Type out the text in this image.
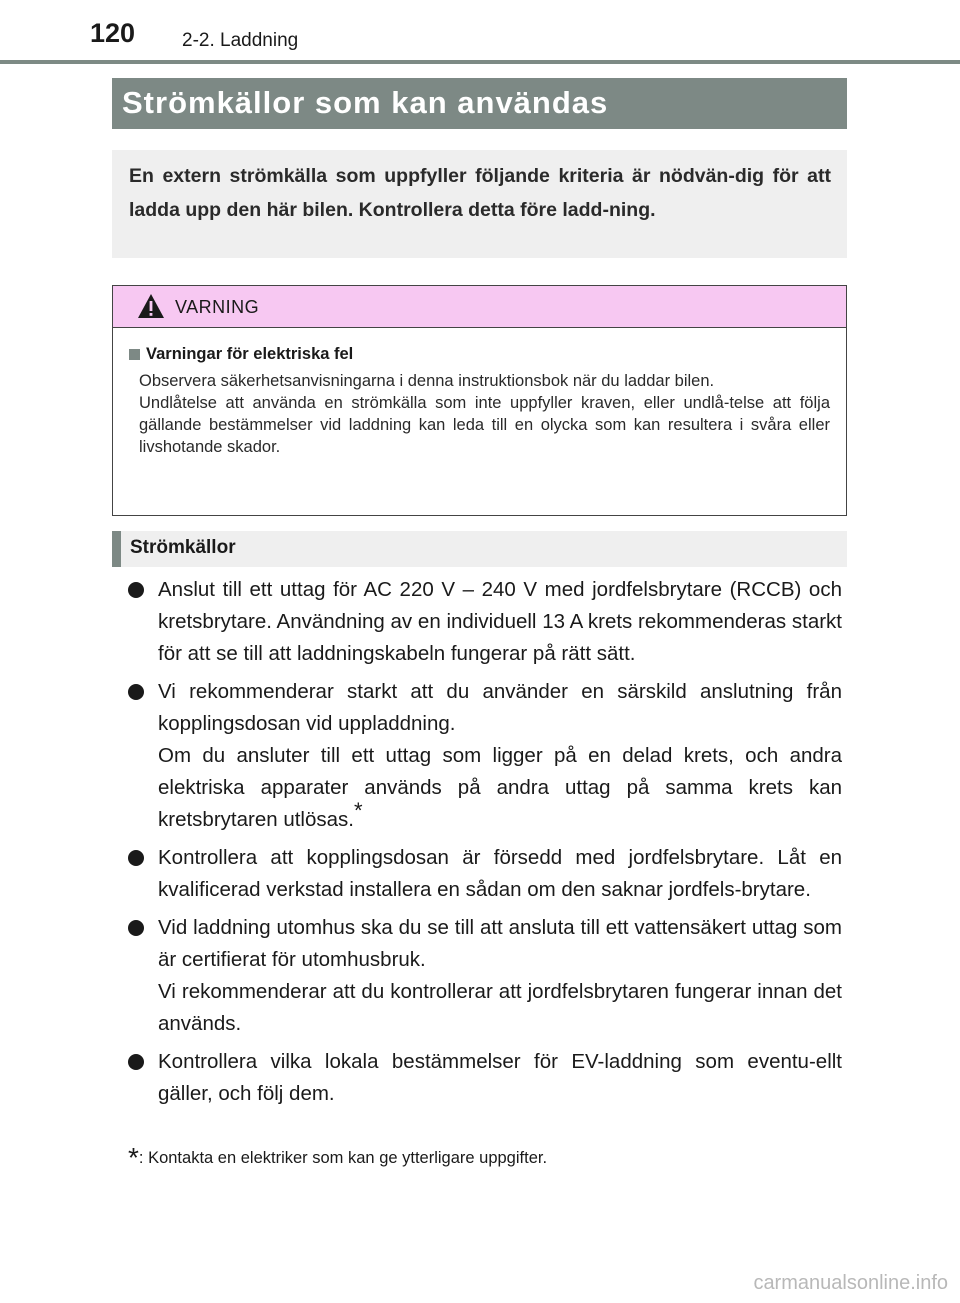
120 2-2. Laddning
Strömkällor som kan användas
En extern strömkälla som uppfyller följande kriteria är nödvän-dig för att ladda upp den här bilen. Kontrollera detta före ladd-ning.
VARNING
Varningar för elektriska fel
Observera säkerhetsanvisningarna i denna instruktionsbok när du laddar bilen.
Undlåtelse att använda en strömkälla som inte uppfyller kraven, eller undlå-telse att följa gällande bestämmelser vid laddning kan leda till en olycka som kan resultera i svåra eller livshotande skador.
Strömkällor

Anslut till ett uttag för AC 220 V – 240 V med jordfelsbrytare (RCCB) och kretsbrytare. Användning av en individuell 13 A krets rekommenderas starkt för att se till att laddningskabeln fungerar på rätt sätt.

Vi rekommenderar starkt att du använder en särskild anslutning från kopplingsdosan vid uppladdning.

Om du ansluter till ett uttag som ligger på en delad krets, och andra elektriska apparater används på andra uttag på samma krets kan kretsbrytaren utlösas.*

Kontrollera att kopplingsdosan är försedd med jordfelsbrytare. Låt en kvalificerad verkstad installera en sådan om den saknar jordfels-brytare.

Vid laddning utomhus ska du se till att ansluta till ett vattensäkert uttag som är certifierat för utomhusbruk.

Vi rekommenderar att du kontrollerar att jordfelsbrytaren fungerar innan det används.

Kontrollera vilka lokala bestämmelser för EV-laddning som eventu-ellt gäller, och följ dem.

*: Kontakta en elektriker som kan ge ytterligare uppgifter.
carmanualsonline.info
